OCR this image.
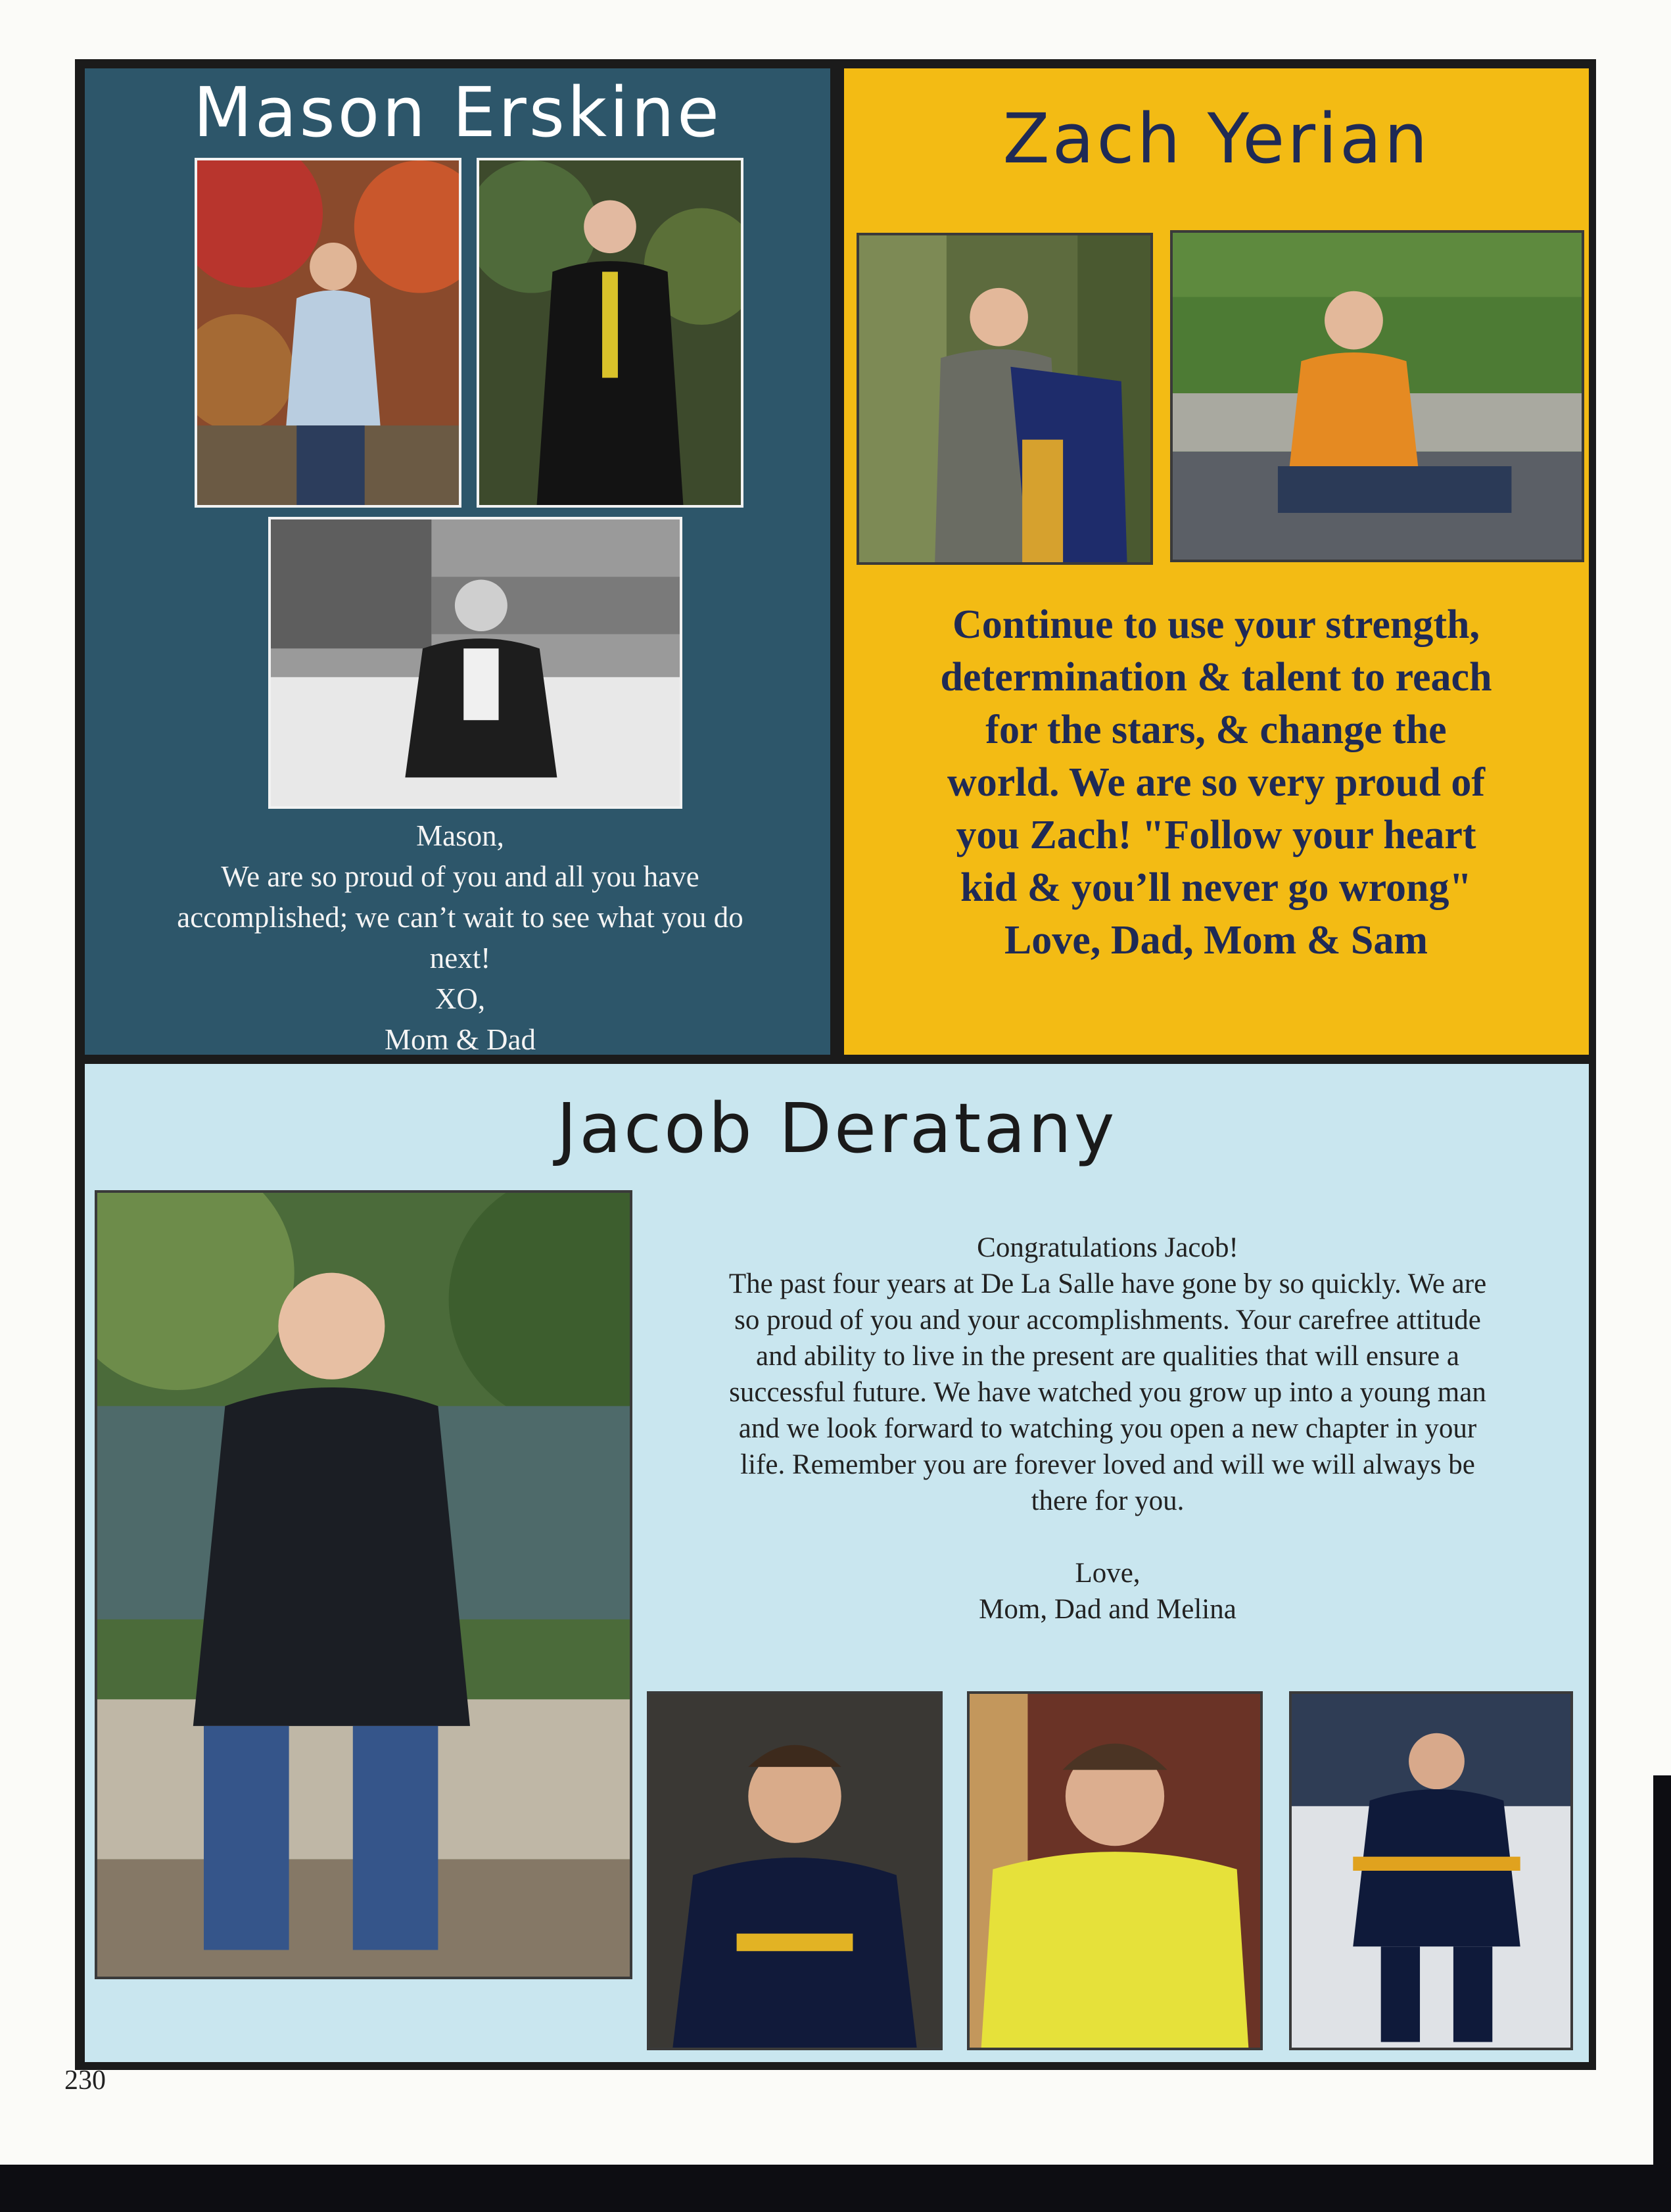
Mason Erskine	Zach Yerian
Jacob Deratany
Mason,
We are so proud of you and all you have
accomplished; we can’t wait to see what you do
next!
XO,
Mom & Dad
Continue to use your strength,
determination & talent to reach
for the stars, & change the
world. We are so very proud of
you Zach! "Follow your heart
kid & you’ll never go wrong"
Love, Dad, Mom & Sam
Congratulations Jacob!
The past four years at De La Salle have gone by so quickly. We are
so proud of you and your accomplishments. Your carefree attitude
and ability to live in the present are qualities that will ensure a
successful future. We have watched you grow up into a young man
and we look forward to watching you open a new chapter in your
life. Remember you are forever loved and will we will always be
there for you.

Love,
Mom, Dad and Melina
230
